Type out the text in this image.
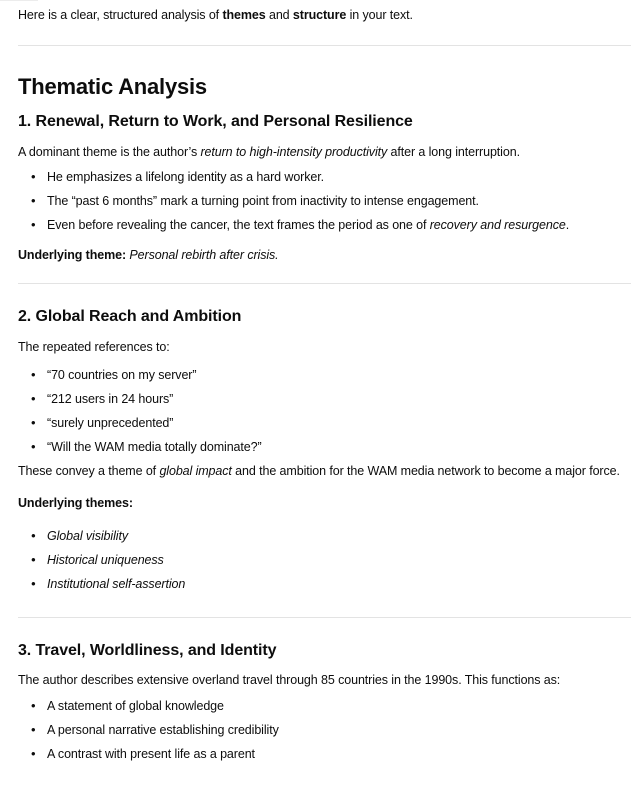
Here is a clear, structured analysis of themes and structure in your text.

Thematic Analysis
1. Renewal, Return to Work, and Personal Resilience

A dominant theme is the author’s return to high-intensity productivity after a long interruption.

• He emphasizes a lifelong identity as a hard worker.
• The “past 6 months” mark a turning point from inactivity to intense engagement.
• Even before revealing the cancer, the text frames the period as one of recovery and resurgence.

Underlying theme: Personal rebirth after crisis.

2. Global Reach and Ambition

The repeated references to:

• “70 countries on my server”
• “212 users in 24 hours”
• “surely unprecedented”
• “Will the WAM media totally dominate?”

These convey a theme of global impact and the ambition for the WAM media network to become a major force.

Underlying themes:

• Global visibility
• Historical uniqueness
• Institutional self-assertion
3. Travel, Worldliness, and Identity

The author describes extensive overland travel through 85 countries in the 1990s. This functions as:

• A statement of global knowledge
• A personal narrative establishing credibility
• A contrast with present life as a parent
